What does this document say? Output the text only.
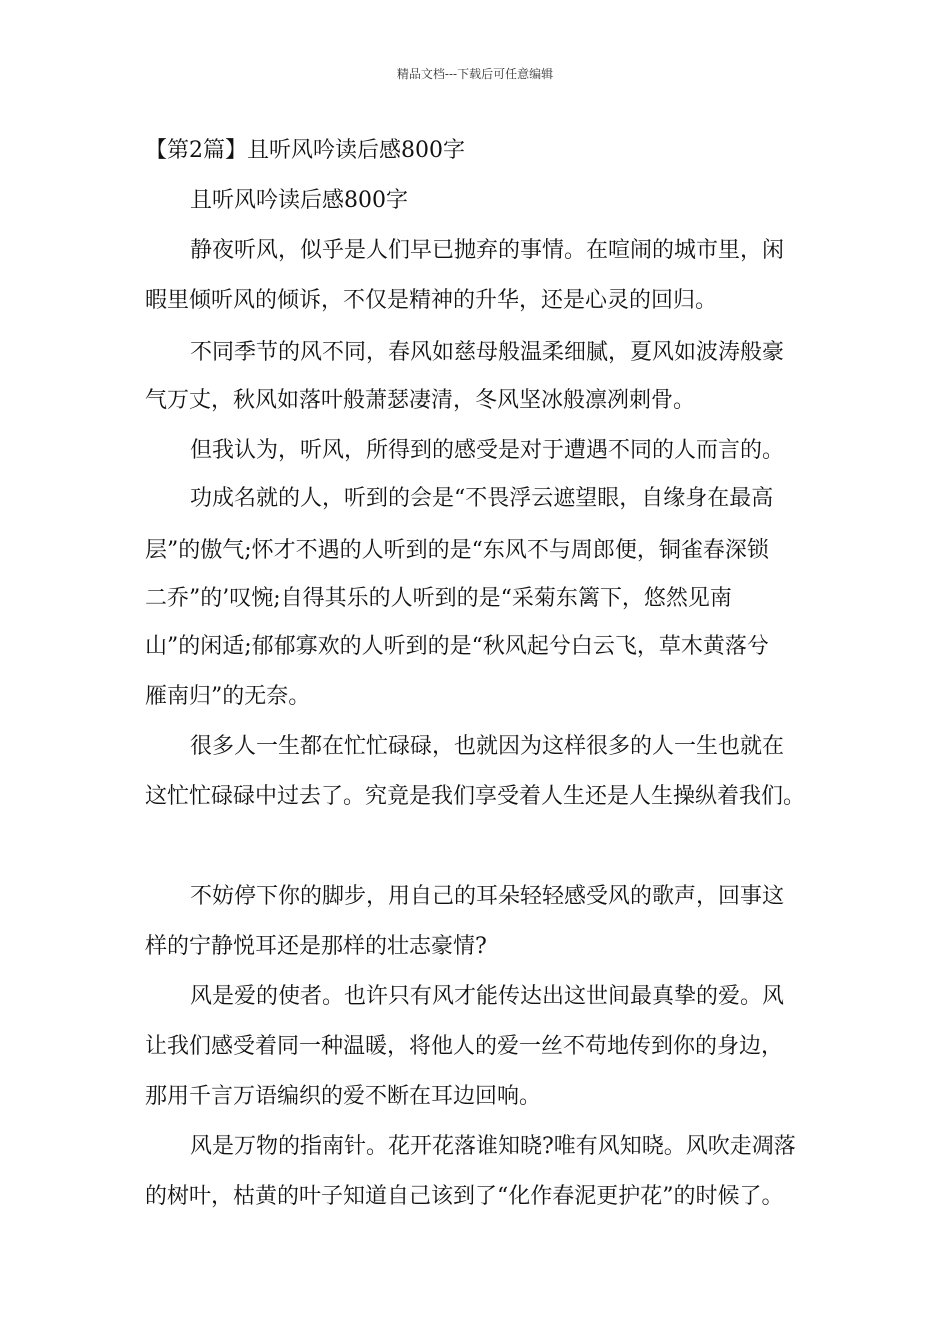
精品文档---下载后可任意编辑
【第2篇】且听风吟读后感800字
且听风吟读后感800字
静夜听风，似乎是人们早已抛弃的事情。在喧闹的城市里，闲
暇里倾听风的倾诉，不仅是精神的升华，还是心灵的回归。
不同季节的风不同，春风如慈母般温柔细腻，夏风如波涛般豪
气万丈，秋风如落叶般萧瑟凄清，冬风坚冰般凛冽刺骨。
但我认为，听风，所得到的感受是对于遭遇不同的人而言的。
功成名就的人，听到的会是“不畏浮云遮望眼，自缘身在最高
层”的傲气;怀才不遇的人听到的是“东风不与周郎便，铜雀春深锁
二乔”的’叹惋;自得其乐的人听到的是“采菊东篱下，悠然见南
山”的闲适;郁郁寡欢的人听到的是“秋风起兮白云飞，草木黄落兮
雁南归”的无奈。
很多人一生都在忙忙碌碌，也就因为这样很多的人一生也就在
这忙忙碌碌中过去了。究竟是我们享受着人生还是人生操纵着我们。
不妨停下你的脚步，用自己的耳朵轻轻感受风的歌声，回事这
样的宁静悦耳还是那样的壮志豪情?
风是爱的使者。也许只有风才能传达出这世间最真挚的爱。风
让我们感受着同一种温暖，将他人的爱一丝不苟地传到你的身边，
那用千言万语编织的爱不断在耳边回响。
风是万物的指南针。花开花落谁知晓?唯有风知晓。风吹走凋落
的树叶，枯黄的叶子知道自己该到了“化作春泥更护花”的时候了。
